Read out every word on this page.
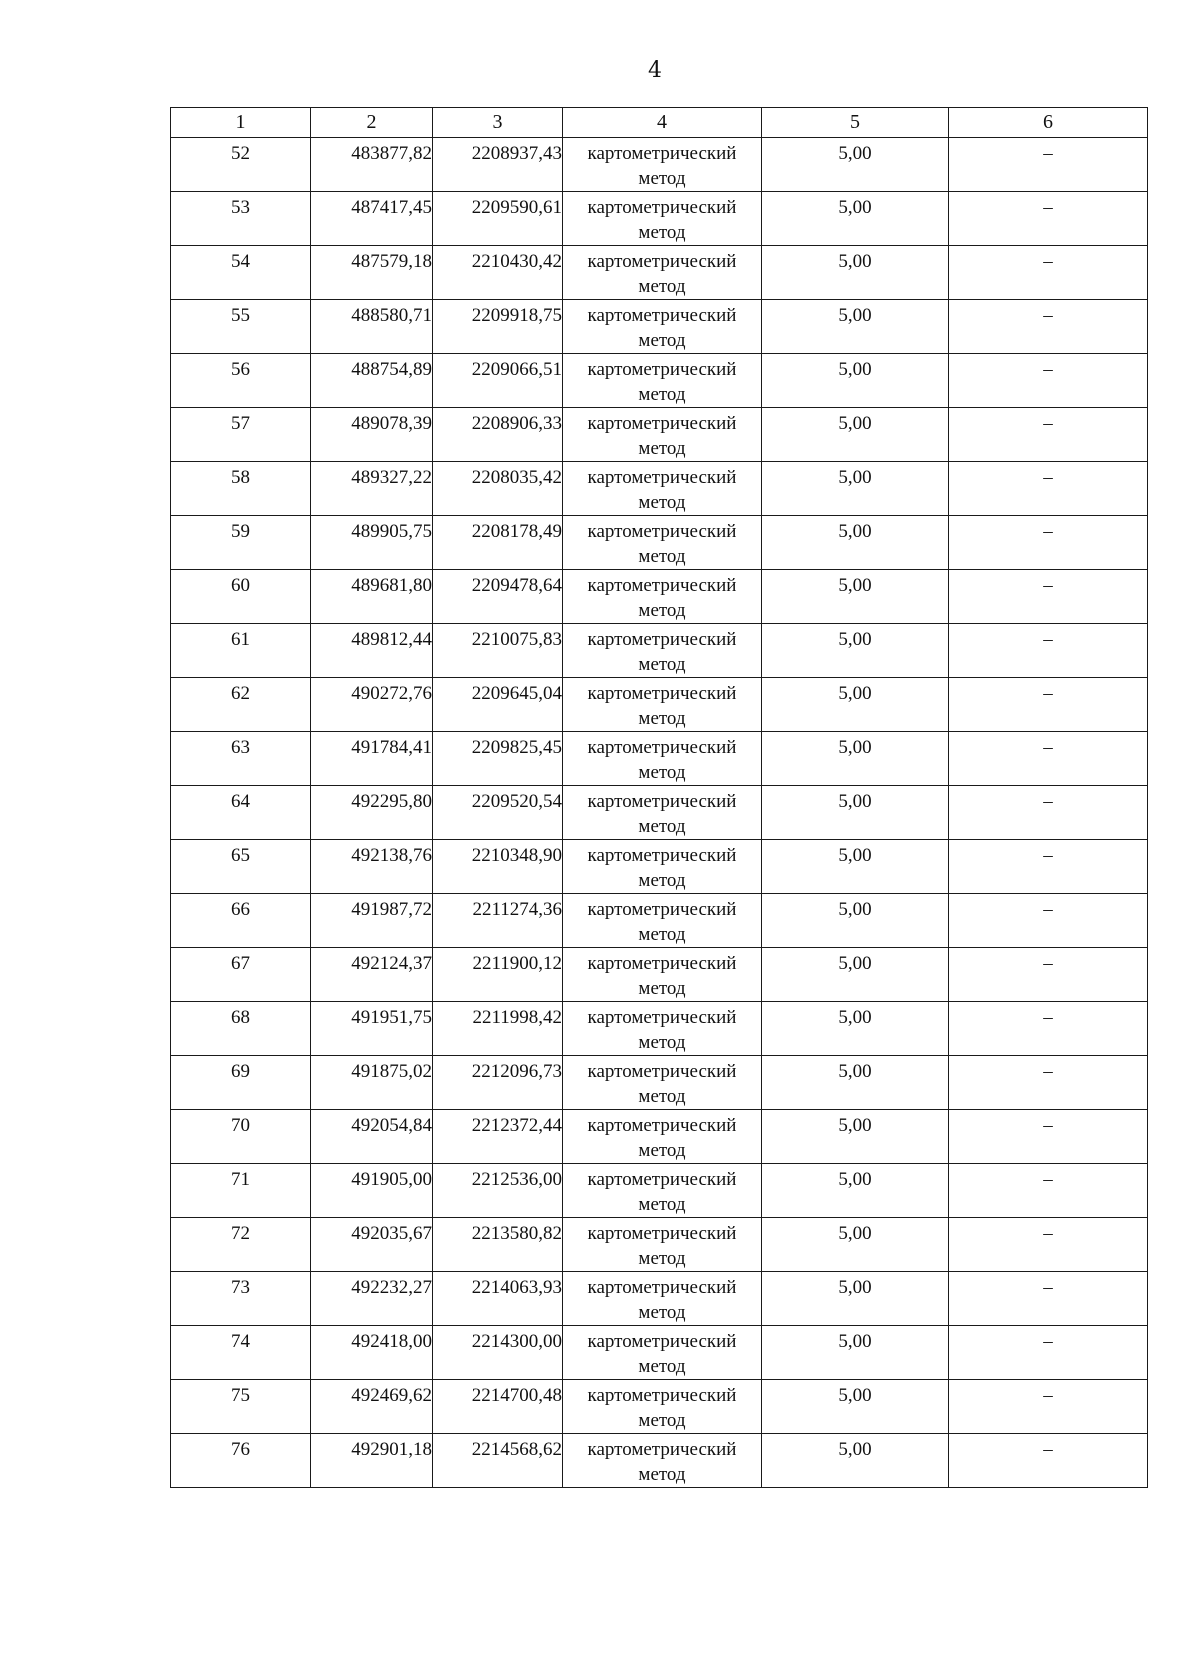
4
1	2	3	4	5	6
52	483877,82	2208937,43	картометрический метод	5,00	–
53	487417,45	2209590,61	картометрический метод	5,00	–
54	487579,18	2210430,42	картометрический метод	5,00	–
55	488580,71	2209918,75	картометрический метод	5,00	–
56	488754,89	2209066,51	картометрический метод	5,00	–
57	489078,39	2208906,33	картометрический метод	5,00	–
58	489327,22	2208035,42	картометрический метод	5,00	–
59	489905,75	2208178,49	картометрический метод	5,00	–
60	489681,80	2209478,64	картометрический метод	5,00	–
61	489812,44	2210075,83	картометрический метод	5,00	–
62	490272,76	2209645,04	картометрический метод	5,00	–
63	491784,41	2209825,45	картометрический метод	5,00	–
64	492295,80	2209520,54	картометрический метод	5,00	–
65	492138,76	2210348,90	картометрический метод	5,00	–
66	491987,72	2211274,36	картометрический метод	5,00	–
67	492124,37	2211900,12	картометрический метод	5,00	–
68	491951,75	2211998,42	картометрический метод	5,00	–
69	491875,02	2212096,73	картометрический метод	5,00	–
70	492054,84	2212372,44	картометрический метод	5,00	–
71	491905,00	2212536,00	картометрический метод	5,00	–
72	492035,67	2213580,82	картометрический метод	5,00	–
73	492232,27	2214063,93	картометрический метод	5,00	–
74	492418,00	2214300,00	картометрический метод	5,00	–
75	492469,62	2214700,48	картометрический метод	5,00	–
76	492901,18	2214568,62	картометрический метод	5,00	–
